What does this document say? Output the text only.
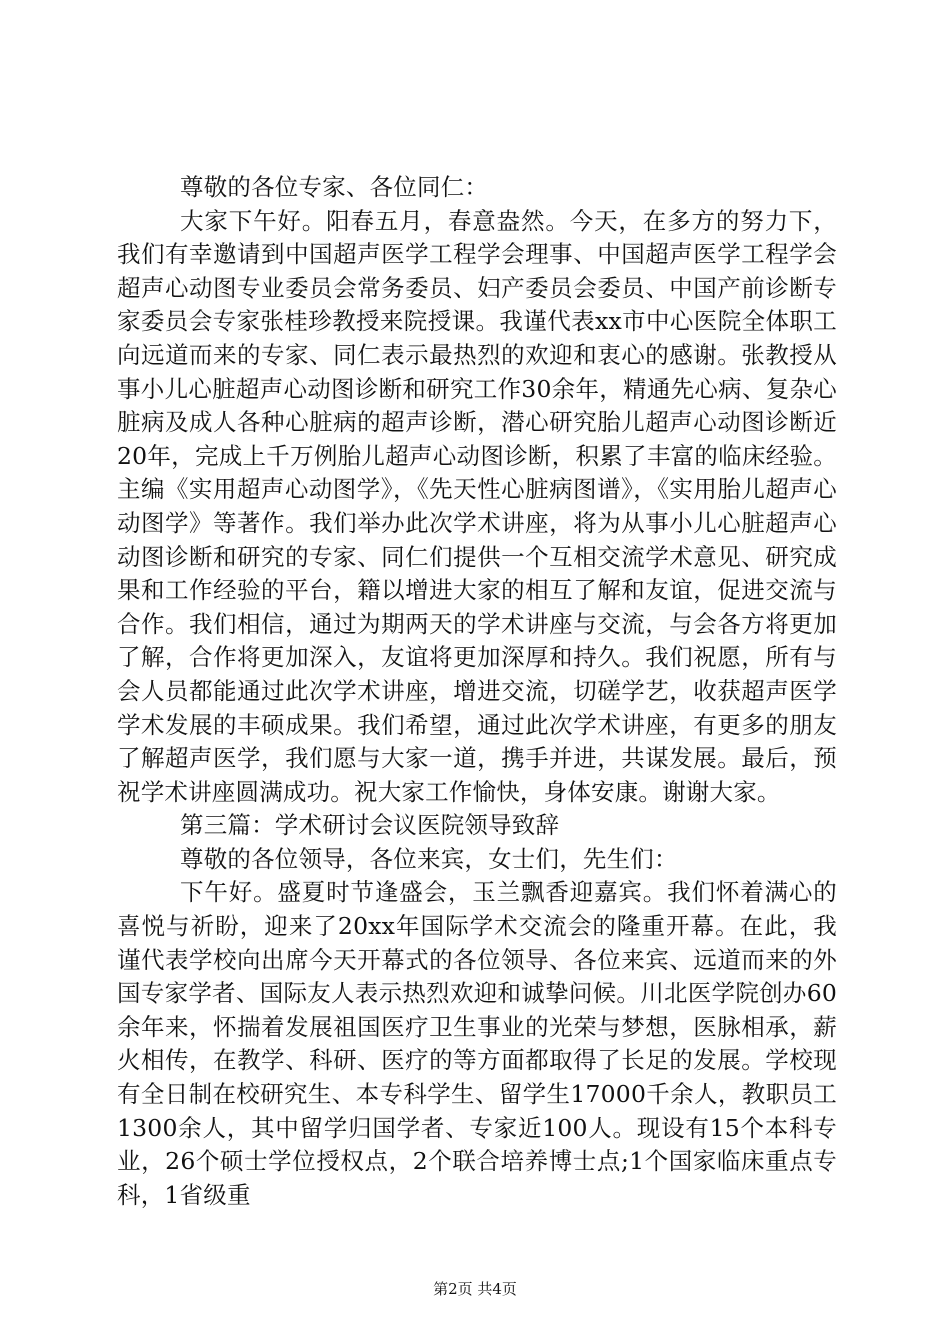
尊敬的各位专家、各位同仁：

大家下午好。阳春五月，春意盎然。今天，在多方的努力下，我们有幸邀请到中国超声医学工程学会理事、中国超声医学工程学会超声心动图专业委员会常务委员、妇产委员会委员、中国产前诊断专家委员会专家张桂珍教授来院授课。我谨代表xx市中心医院全体职工向远道而来的专家、同仁表示最热烈的欢迎和衷心的感谢。张教授从事小儿心脏超声心动图诊断和研究工作30余年，精通先心病、复杂心脏病及成人各种心脏病的超声诊断，潜心研究胎儿超声心动图诊断近20年，完成上千万例胎儿超声心动图诊断，积累了丰富的临床经验。主编《实用超声心动图学》，《先天性心脏病图谱》，《实用胎儿超声心动图学》等著作。我们举办此次学术讲座，将为从事小儿心脏超声心动图诊断和研究的专家、同仁们提供一个互相交流学术意见、研究成果和工作经验的平台，籍以增进大家的相互了解和友谊，促进交流与合作。我们相信，通过为期两天的学术讲座与交流，与会各方将更加了解，合作将更加深入，友谊将更加深厚和持久。我们祝愿，所有与会人员都能通过此次学术讲座，增进交流，切磋学艺，收获超声医学学术发展的丰硕成果。我们希望，通过此次学术讲座，有更多的朋友了解超声医学，我们愿与大家一道，携手并进，共谋发展。最后，预祝学术讲座圆满成功。祝大家工作愉快，身体安康。谢谢大家。

第三篇：学术研讨会议医院领导致辞

尊敬的各位领导，各位来宾，女士们，先生们：

下午好。盛夏时节逢盛会，玉兰飘香迎嘉宾。我们怀着满心的喜悦与祈盼，迎来了20xx年国际学术交流会的隆重开幕。在此，我谨代表学校向出席今天开幕式的各位领导、各位来宾、远道而来的外国专家学者、国际友人表示热烈欢迎和诚挚问候。川北医学院创办60余年来，怀揣着发展祖国医疗卫生事业的光荣与梦想，医脉相承，薪火相传，在教学、科研、医疗的等方面都取得了长足的发展。学校现有全日制在校研究生、本专科学生、留学生17000千余人，教职员工1300余人，其中留学归国学者、专家近100人。现设有15个本科专业，26个硕士学位授权点，2个联合培养博士点;1个国家临床重点专科，1省级重

第2页 共4页
